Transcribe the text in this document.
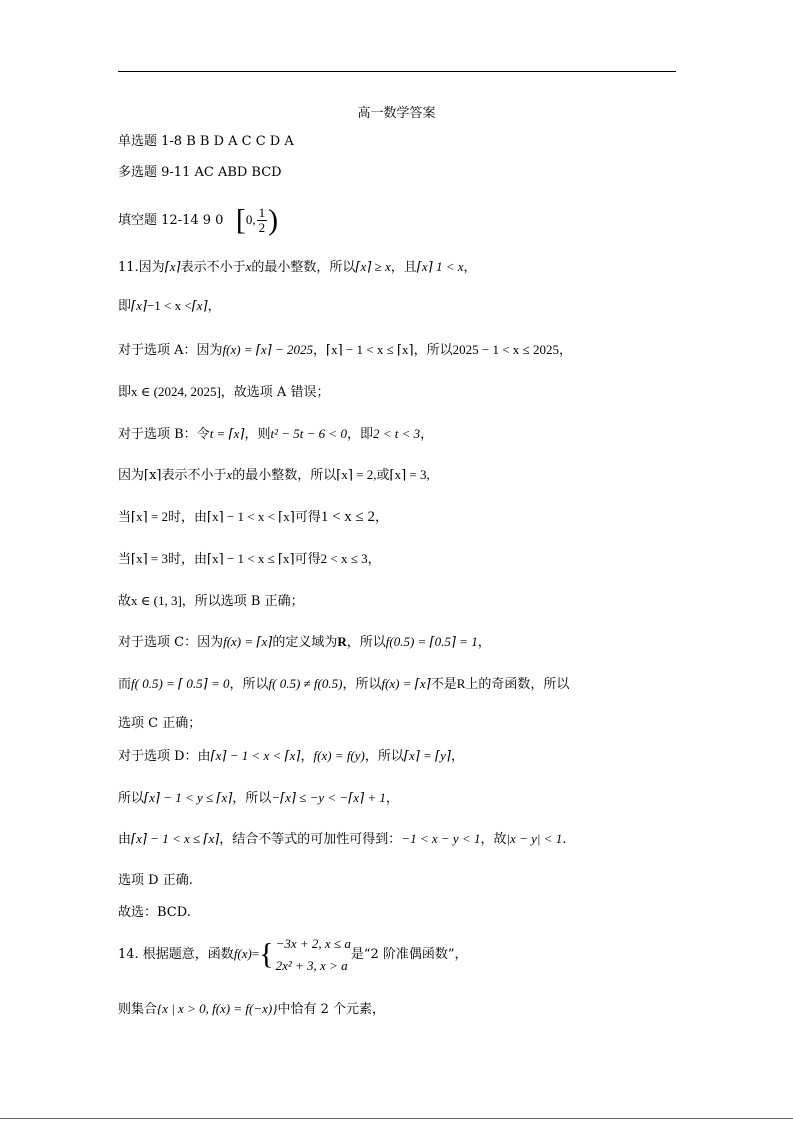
高一数学答案
单选题 1-8 B B D A C C D A
多选题 9-11 AC ABD BCD
填空题 12-14 9 0 [0, $\frac{1}{2}$ )
11.因为⌈x⌉表示不小于x的最小整数，所以⌈x⌉ ≥ x，且⌈x⌉ 1 < x，
即⌈x⌉−1 < x <⌈x⌉，
对于选项 A：因为f(x) = ⌈x⌉ − 2025，⌈x⌉ − 1 < x ≤ ⌈x⌉，所以2025 − 1 < x ≤ 2025，
即x ∈ (2024, 2025]，故选项 A 错误；
对于选项 B：令t = ⌈x⌉，则t² − 5t − 6 < 0，即2 < t < 3，
因为⌈x⌉表示不小于x的最小整数，所以⌈x⌉ = 2,或⌈x⌉ = 3,
当⌈x⌉ = 2时，由⌈x⌉ − 1 < x < ⌈x⌉可得1 < x ≤ 2，
当⌈x⌉ = 3时，由⌈x⌉ − 1 < x ≤ ⌈x⌉可得2 < x ≤ 3，
故x ∈ (1, 3]，所以选项 B 正确；
对于选项 C：因为f(x) = ⌈x⌉的定义域为R，所以f(0.5) = ⌈0.5⌉ = 1，
而f( 0.5) = ⌈ 0.5⌉ = 0，所以f( 0.5) ≠ f(0.5)，所以f(x) = ⌈x⌉不是R上的奇函数，所以
选项 C 正确；
对于选项 D：由⌈x⌉ − 1 < x < ⌈x⌉，f(x) = f(y)，所以⌈x⌉ = ⌈y⌉，
所以⌈x⌉ − 1 < y ≤ ⌈x⌉，所以−⌈x⌉ ≤ −y < −⌈x⌉ + 1，
由⌈x⌉ − 1 < x ≤ ⌈x⌉，结合不等式的可加性可得到：−1 < x − y < 1，故|x − y| < 1.
选项 D 正确.
故选：BCD.
14. 根据题意，函数f(x)={ −3x + 2, x ≤ a
2x² + 3, x > a
是“2 阶准偶函数”，
则集合{x | x > 0, f(x) = f(−x)}中恰有 2 个元素，
